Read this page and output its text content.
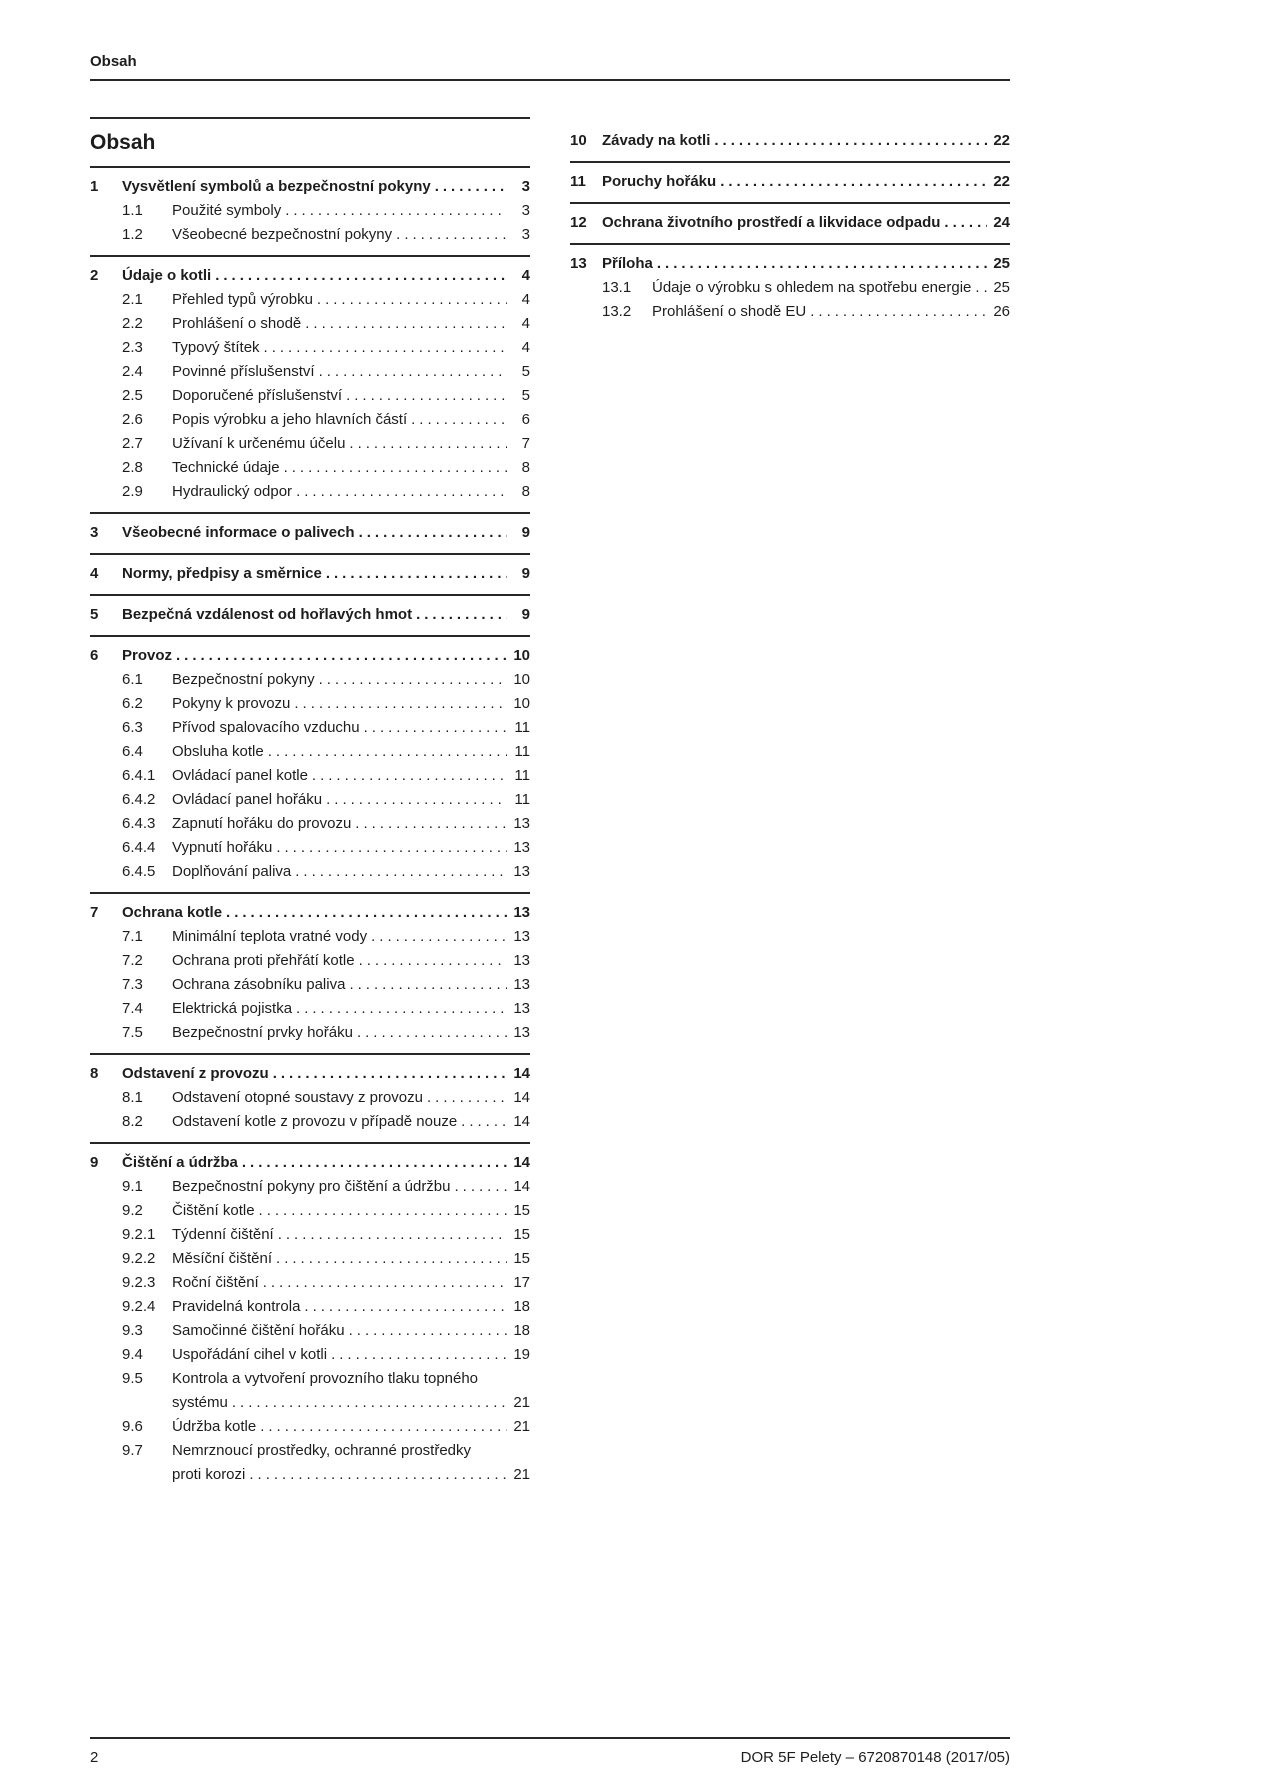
Obsah
Obsah
1	Vysvětlení symbolů a bezpečnostní pokyny .....	3
1.1	Použité symboly .....	3
1.2	Všeobecné bezpečnostní pokyny .....	3
2	Údaje o kotli .....	4
2.1	Přehled typů výrobku .....	4
2.2	Prohlášení o shodě .....	4
2.3	Typový štítek .....	4
2.4	Povinné příslušenství .....	5
2.5	Doporučené příslušenství .....	5
2.6	Popis výrobku a jeho hlavních částí .....	6
2.7	Užívaní k určenému účelu .....	7
2.8	Technické údaje .....	8
2.9	Hydraulický odpor .....	8
3	Všeobecné informace o palivech .....	9
4	Normy, předpisy a směrnice .....	9
5	Bezpečná vzdálenost od hořlavých hmot .....	9
6	Provoz .....	10
6.1	Bezpečnostní pokyny .....	10
6.2	Pokyny k provozu .....	10
6.3	Přívod spalovacího vzduchu .....	11
6.4	Obsluha kotle .....	11
6.4.1	Ovládací panel kotle .....	11
6.4.2	Ovládací panel hořáku .....	11
6.4.3	Zapnutí hořáku do provozu .....	13
6.4.4	Vypnutí hořáku .....	13
6.4.5	Doplňování paliva .....	13
7	Ochrana kotle .....	13
7.1	Minimální teplota vratné vody .....	13
7.2	Ochrana proti přehřátí kotle .....	13
7.3	Ochrana zásobníku paliva .....	13
7.4	Elektrická pojistka .....	13
7.5	Bezpečnostní prvky hořáku .....	13
8	Odstavení z provozu .....	14
8.1	Odstavení otopné soustavy z provozu .....	14
8.2	Odstavení kotle z provozu v případě nouze .....	14
9	Čištění a údržba .....	14
9.1	Bezpečnostní pokyny pro čištění a údržbu .....	14
9.2	Čištění kotle .....	15
9.2.1	Týdenní čištění .....	15
9.2.2	Měsíční čištění .....	15
9.2.3	Roční čištění .....	17
9.2.4	Pravidelná kontrola .....	18
9.3	Samočinné čištění hořáku .....	18
9.4	Uspořádání cihel v kotli .....	19
9.5	Kontrola a vytvoření provozního tlaku topného
systému .....	21
9.6	Údržba kotle .....	21
9.7	Nemrznoucí prostředky, ochranné prostředky
proti korozi .....	21
10	Závady na kotli .....	22
11	Poruchy hořáku .....	22
12	Ochrana životního prostředí a likvidace odpadu .....	24
13	Příloha .....	25
13.1	Údaje o výrobku s ohledem na spotřebu energie ..... 25
13.2	Prohlášení o shodě EU .....	26
2	DOR 5F Pelety – 6720870148 (2017/05)
